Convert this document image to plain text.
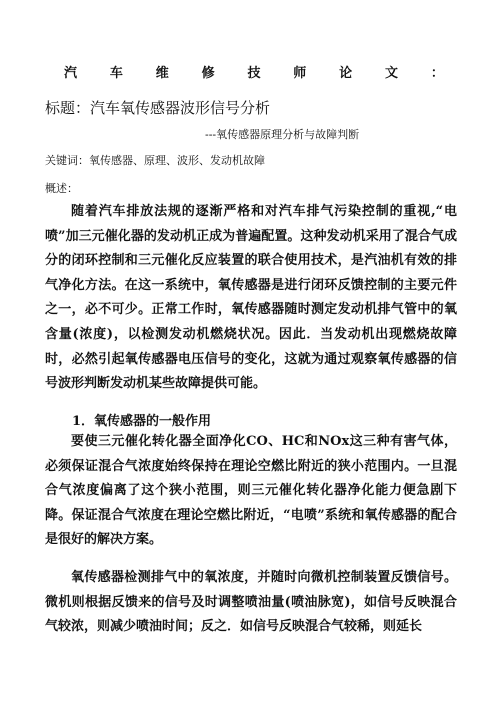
汽	车	维	修	技	师	论	文	：
标题：汽车氧传感器波形信号分析
---氧传感器原理分析与故障判断
关键词：氧传感器、原理、波形、发动机故障
概述：

随着汽车排放法规的逐渐严格和对汽车排气污染控制的重视,“电喷”加三元催化器的发动机正成为普遍配置。这种发动机采用了混合气成分的闭环控制和三元催化反应装置的联合使用技术，是汽油机有效的排气净化方法。在这一系统中，氧传感器是进行闭环反馈控制的主要元件之一，必不可少。正常工作时，氧传感器随时测定发动机排气管中的氧含量(浓度)，以检测发动机燃烧状况。因此．当发动机出现燃烧故障时，必然引起氧传感器电压信号的变化，这就为通过观察氧传感器的信号波形判断发动机某些故障提供可能。

1．氧传感器的一般作用

要使三元催化转化器全面净化CO、HC和NOx这三种有害气体，必须保证混合气浓度始终保持在理论空燃比附近的狭小范围内。一旦混合气浓度偏离了这个狭小范围，则三元催化转化器净化能力便急剧下降。保证混合气浓度在理论空燃比附近，“电喷”系统和氧传感器的配合是很好的解决方案。

氧传感器检测排气中的氧浓度，并随时向微机控制装置反馈信号。微机则根据反馈来的信号及时调整喷油量(喷油脉宽)，如信号反映混合气较浓，则减少喷油时间；反之．如信号反映混合气较稀，则延长
